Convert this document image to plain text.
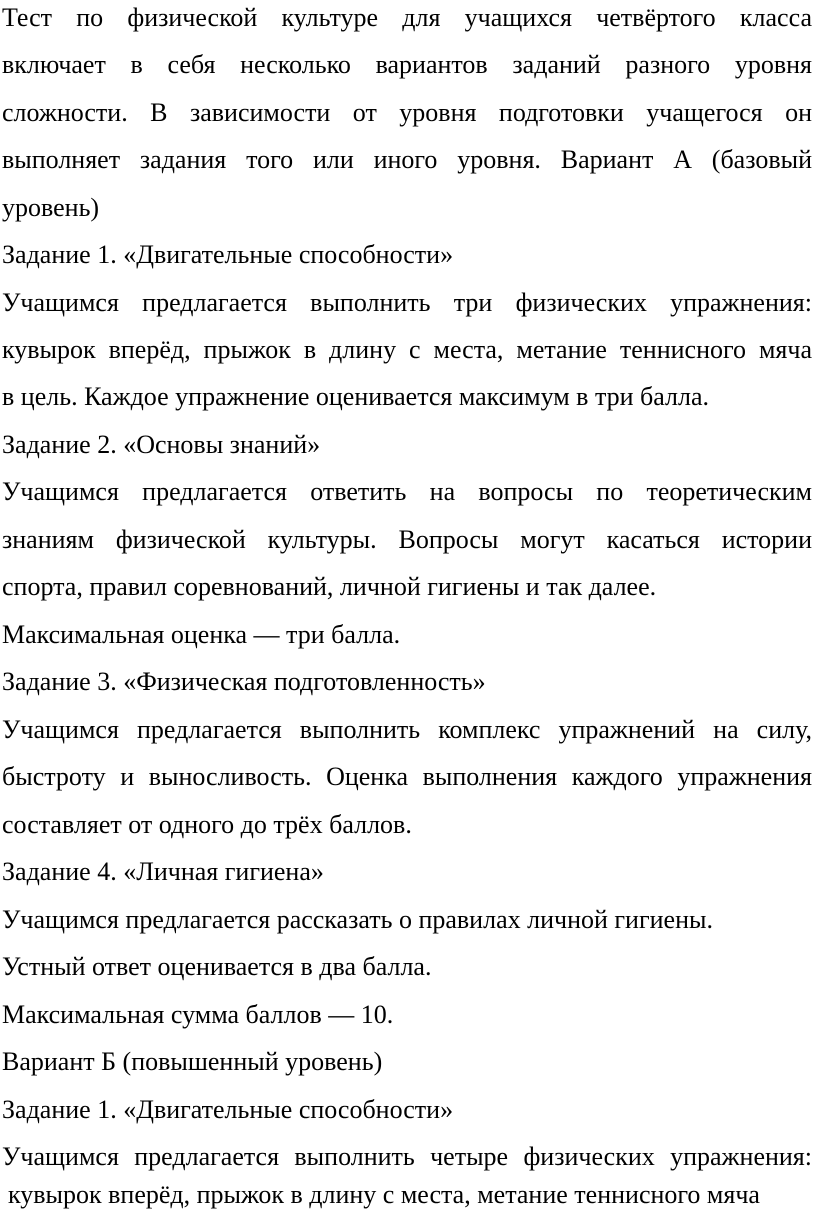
Тест по физической культуре для учащихся четвёртого класса

включает в себя несколько вариантов заданий разного уровня

сложности. В зависимости от уровня подготовки учащегося он

выполняет задания того или иного уровня. Вариант А (базовый

уровень)

Задание 1. «Двигательные способности»

Учащимся предлагается выполнить три физических упражнения:

кувырок вперёд, прыжок в длину с места, метание теннисного мяча

в цель. Каждое упражнение оценивается максимум в три балла.

Задание 2. «Основы знаний»

Учащимся предлагается ответить на вопросы по теоретическим

знаниям физической культуры. Вопросы могут касаться истории

спорта, правил соревнований, личной гигиены и так далее.

Максимальная оценка — три балла.

Задание 3. «Физическая подготовленность»

Учащимся предлагается выполнить комплекс упражнений на силу,

быстроту и выносливость. Оценка выполнения каждого упражнения

составляет от одного до трёх баллов.

Задание 4. «Личная гигиена»

Учащимся предлагается рассказать о правилах личной гигиены.

Устный ответ оценивается в два балла.

Максимальная сумма баллов — 10.

Вариант Б (повышенный уровень)

Задание 1. «Двигательные способности»

Учащимся предлагается выполнить четыре физических упражнения:

кувырок вперёд, прыжок в длину с места, метание теннисного мяча
